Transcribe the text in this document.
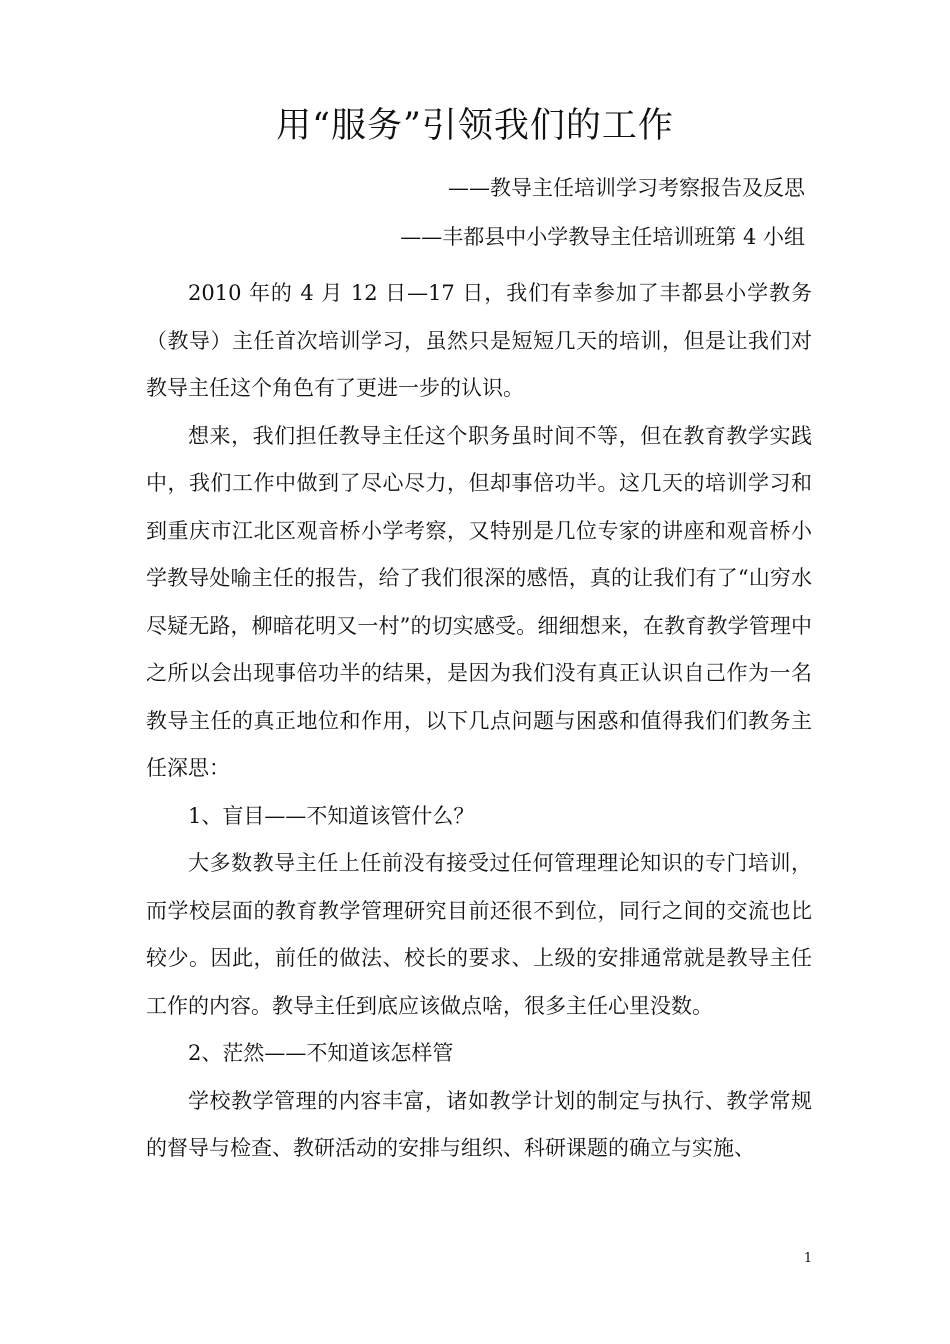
用“服务”引领我们的工作

——教导主任培训学习考察报告及反思

——丰都县中小学教导主任培训班第 4 小组

2010 年的 4 月 12 日—17 日，我们有幸参加了丰都县小学教务（教导）主任首次培训学习，虽然只是短短几天的培训，但是让我们对教导主任这个角色有了更进一步的认识。

想来，我们担任教导主任这个职务虽时间不等，但在教育教学实践中，我们工作中做到了尽心尽力，但却事倍功半。这几天的培训学习和到重庆市江北区观音桥小学考察，又特别是几位专家的讲座和观音桥小学教导处喻主任的报告，给了我们很深的感悟，真的让我们有了“山穷水尽疑无路，柳暗花明又一村”的切实感受。细细想来，在教育教学管理中之所以会出现事倍功半的结果，是因为我们没有真正认识自己作为一名教导主任的真正地位和作用，以下几点问题与困惑和值得我们们教务主任深思：

1、盲目——不知道该管什么？

大多数教导主任上任前没有接受过任何管理理论知识的专门培训，而学校层面的教育教学管理研究目前还很不到位，同行之间的交流也比较少。因此，前任的做法、校长的要求、上级的安排通常就是教导主任工作的内容。教导主任到底应该做点啥，很多主任心里没数。

2、茫然——不知道该怎样管

学校教学管理的内容丰富，诸如教学计划的制定与执行、教学常规的督导与检查、教研活动的安排与组织、科研课题的确立与实施、

1
